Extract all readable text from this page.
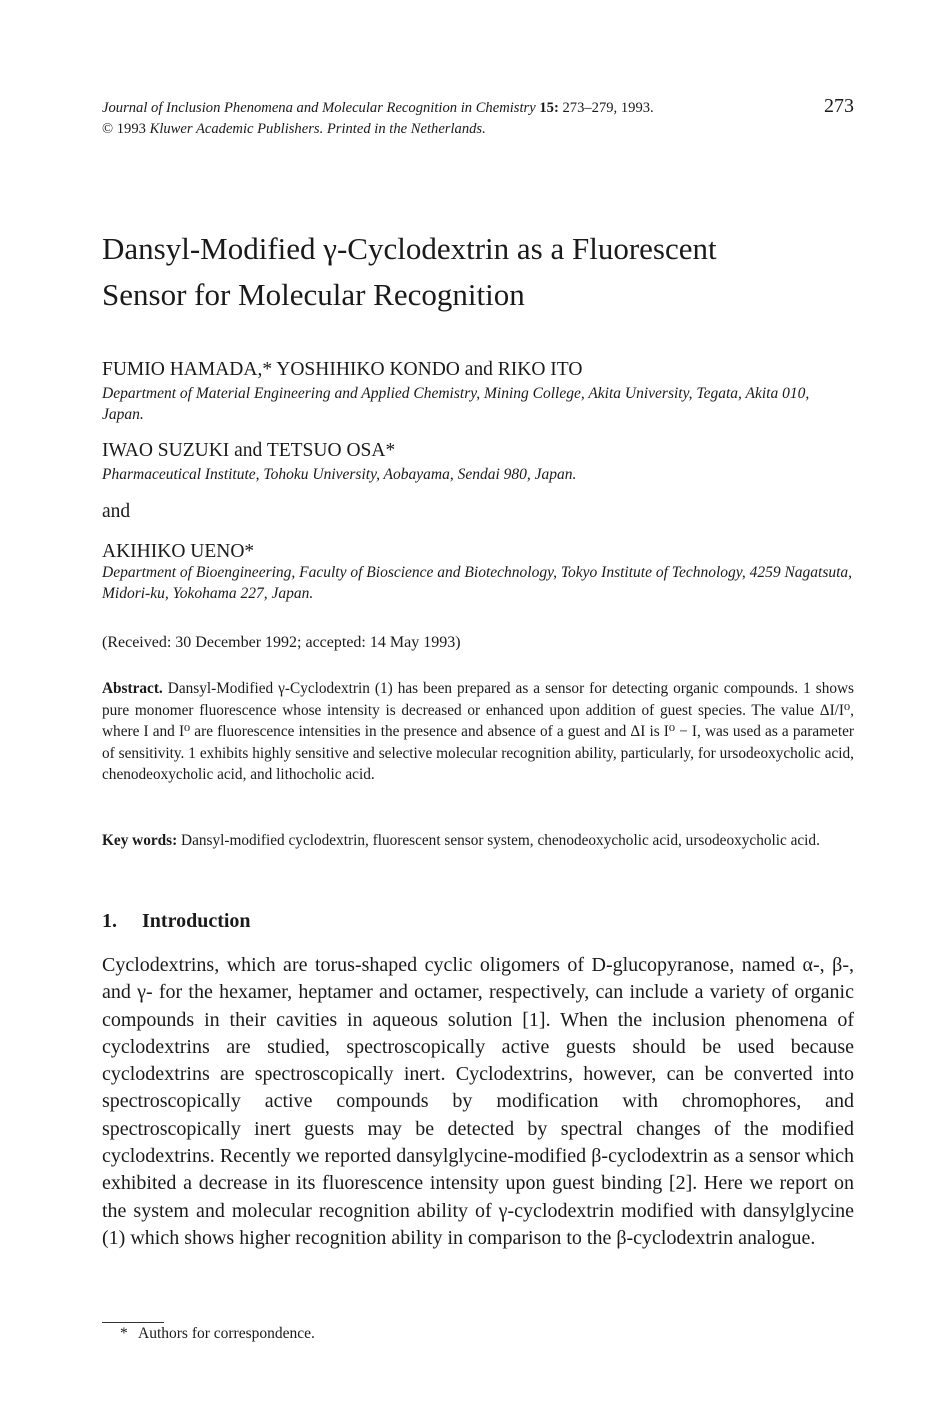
Journal of Inclusion Phenomena and Molecular Recognition in Chemistry 15: 273–279, 1993.
© 1993 Kluwer Academic Publishers. Printed in the Netherlands.
273
Dansyl-Modified γ-Cyclodextrin as a Fluorescent
Sensor for Molecular Recognition
FUMIO HAMADA,* YOSHIHIKO KONDO and RIKO ITO
Department of Material Engineering and Applied Chemistry, Mining College, Akita University, Tegata, Akita 010, Japan.
IWAO SUZUKI and TETSUO OSA*
Pharmaceutical Institute, Tohoku University, Aobayama, Sendai 980, Japan.
and
AKIHIKO UENO*
Department of Bioengineering, Faculty of Bioscience and Biotechnology, Tokyo Institute of Technology, 4259 Nagatsuta, Midori-ku, Yokohama 227, Japan.
(Received: 30 December 1992; accepted: 14 May 1993)
Abstract. Dansyl-Modified γ-Cyclodextrin (1) has been prepared as a sensor for detecting organic compounds. 1 shows pure monomer fluorescence whose intensity is decreased or enhanced upon addition of guest species. The value ΔI/I⁰, where I and I⁰ are fluorescence intensities in the presence and absence of a guest and ΔI is I⁰ − I, was used as a parameter of sensitivity. 1 exhibits highly sensitive and selective molecular recognition ability, particularly, for ursodeoxycholic acid, chenodeoxycholic acid, and lithocholic acid.
Key words: Dansyl-modified cyclodextrin, fluorescent sensor system, chenodeoxycholic acid, ursodeoxycholic acid.
1. Introduction
Cyclodextrins, which are torus-shaped cyclic oligomers of D-glucopyranose, named α-, β-, and γ- for the hexamer, heptamer and octamer, respectively, can include a variety of organic compounds in their cavities in aqueous solution [1]. When the inclusion phenomena of cyclodextrins are studied, spectroscopically active guests should be used because cyclodextrins are spectroscopically inert. Cyclodextrins, however, can be converted into spectroscopically active compounds by modification with chromophores, and spectroscopically inert guests may be detected by spectral changes of the modified cyclodextrins. Recently we reported dansylglycine-modified β-cyclodextrin as a sensor which exhibited a decrease in its fluorescence intensity upon guest binding [2]. Here we report on the system and molecular recognition ability of γ-cyclodextrin modified with dansylglycine (1) which shows higher recognition ability in comparison to the β-cyclodextrin analogue.
* Authors for correspondence.
